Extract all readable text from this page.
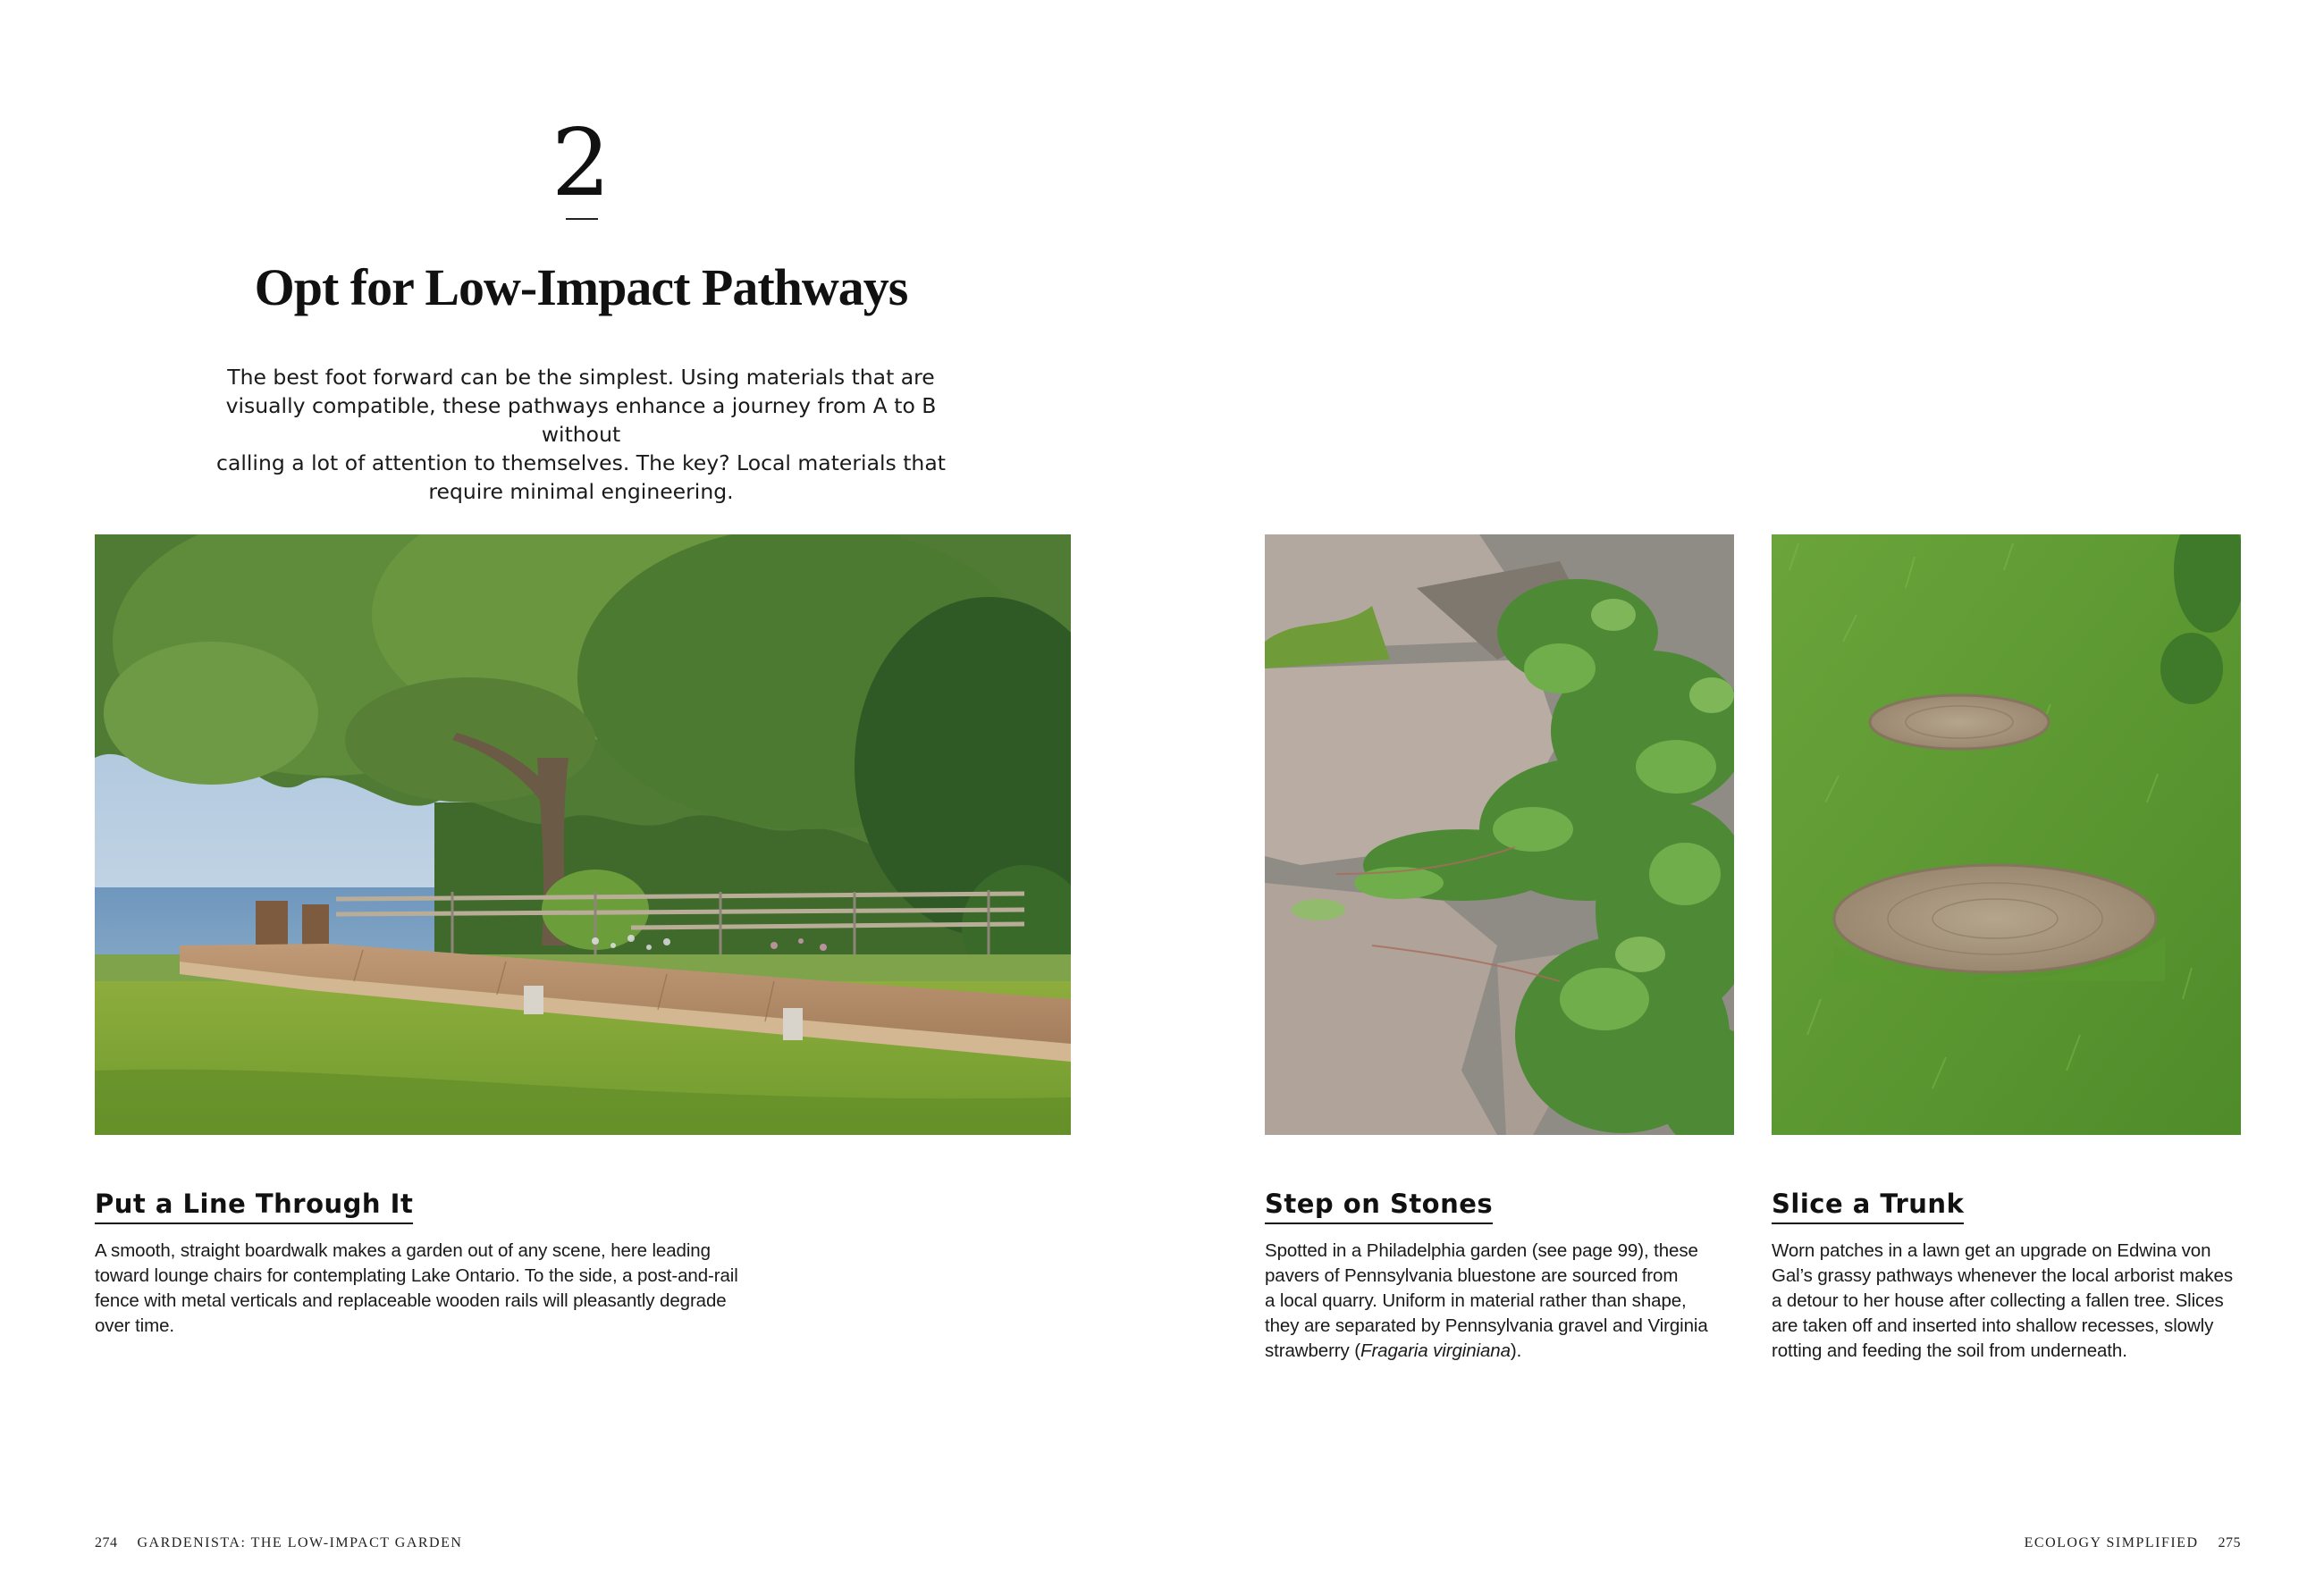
2
Opt for Low-Impact Pathways
The best foot forward can be the simplest. Using materials that are
visually compatible, these pathways enhance a journey from A to B without
calling a lot of attention to themselves. The key? Local materials that
require minimal engineering.
Put a Line Through It
A smooth, straight boardwalk makes a garden out of any scene, here leading
toward lounge chairs for contemplating Lake Ontario. To the side, a post-and-rail
fence with metal verticals and replaceable wooden rails will pleasantly degrade
over time.
Step on Stones
Spotted in a Philadelphia garden (see page 99), these
pavers of Pennsylvania bluestone are sourced from
a local quarry. Uniform in material rather than shape,
they are separated by Pennsylvania gravel and Virginia
strawberry (Fragaria virginiana).
Slice a Trunk
Worn patches in a lawn get an upgrade on Edwina von
Gal’s grassy pathways whenever the local arborist makes
a detour to her house after collecting a fallen tree. Slices
are taken off and inserted into shallow recesses, slowly
rotting and feeding the soil from underneath.
274 GARDENISTA: THE LOW-IMPACT GARDEN	ECOLOGY SIMPLIFIED 275
